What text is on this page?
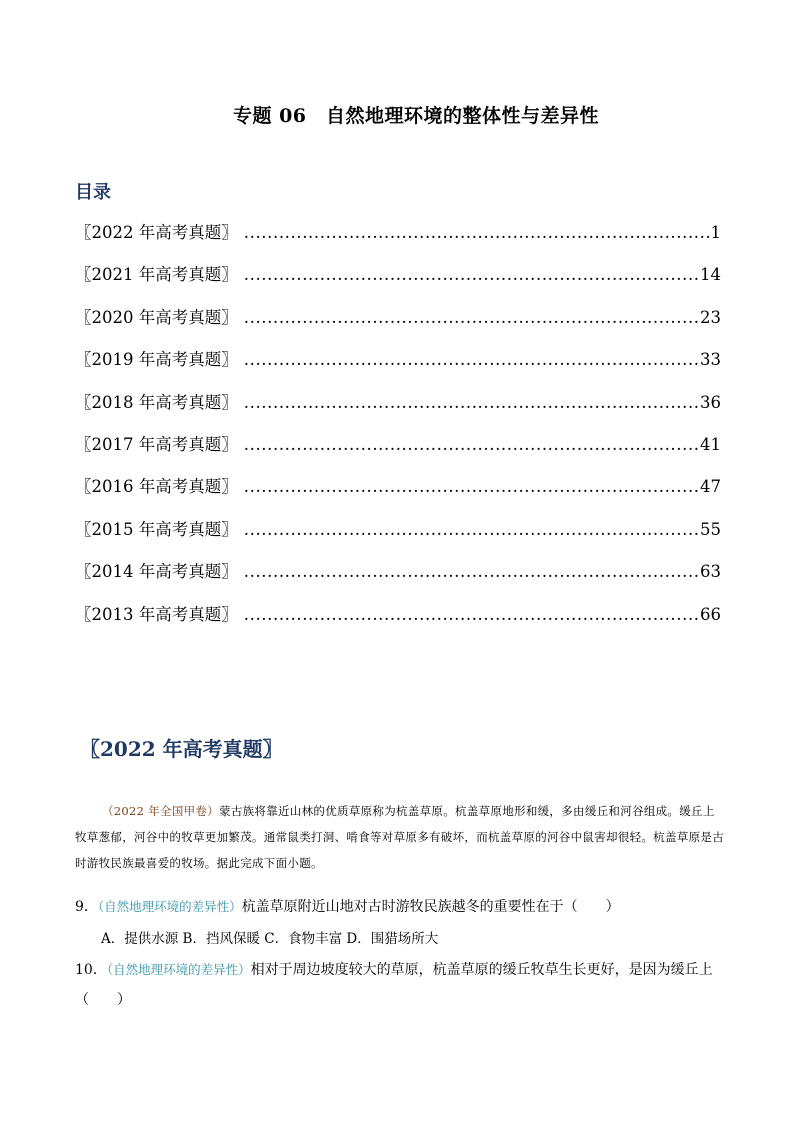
专题 06　自然地理环境的整体性与差异性
目录
〖2022 年高考真题〗 .....	1
〖2021 年高考真题〗 .....	14
〖2020 年高考真题〗 .....	23
〖2019 年高考真题〗 .....	33
〖2018 年高考真题〗 .....	36
〖2017 年高考真题〗 .....	41
〖2016 年高考真题〗 .....	47
〖2015 年高考真题〗 .....	55
〖2014 年高考真题〗 .....	63
〖2013 年高考真题〗 .....	66
〖2022 年高考真题〗
（2022 年全国甲卷）蒙古族将靠近山林的优质草原称为杭盖草原。杭盖草原地形和缓，多由缓丘和河谷组成。缓丘上牧草葱郁，河谷中的牧草更加繁茂。通常鼠类打洞、啃食等对草原多有破坏，而杭盖草原的河谷中鼠害却很轻。杭盖草原是古时游牧民族最喜爱的牧场。据此完成下面小题。
9．（自然地理环境的差异性）杭盖草原附近山地对古时游牧民族越冬的重要性在于（　　）
A．提供水源 B．挡风保暖 C．食物丰富 D．围猎场所大
10．（自然地理环境的差异性）相对于周边坡度较大的草原，杭盖草原的缓丘牧草生长更好，是因为缓丘上（　　）
